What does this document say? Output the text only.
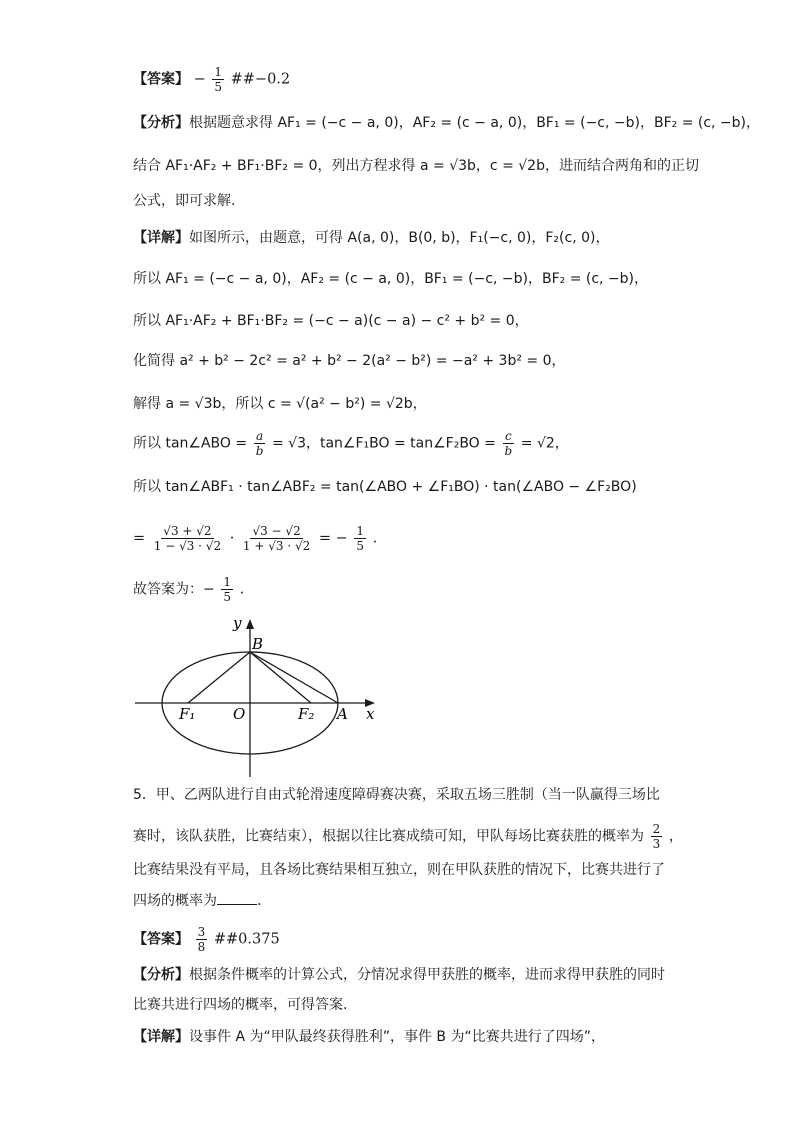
【答案】 − $\frac{1}{5}$ ##−0.2
【分析】根据题意求得 AF₁ = (−c − a, 0)，AF₂ = (c − a, 0)，BF₁ = (−c, −b)，BF₂ = (c, −b)，
结合 AF₁·AF₂ + BF₁·BF₂ = 0，列出方程求得 a = √3b，c = √2b，进而结合两角和的正切
公式，即可求解.
【详解】如图所示，由题意，可得 A(a, 0)，B(0, b)，F₁(−c, 0)，F₂(c, 0)，
所以 AF₁ = (−c − a, 0)，AF₂ = (c − a, 0)，BF₁ = (−c, −b)，BF₂ = (c, −b)，
所以 AF₁·AF₂ + BF₁·BF₂ = (−c − a)(c − a) − c² + b² = 0，
化简得 a² + b² − 2c² = a² + b² − 2(a² − b²) = −a² + 3b² = 0，
解得 a = √3b，所以 c = √(a² − b²) = √2b，
所以 tan∠ABO = $\frac{a}{b} = √3$，tan∠F₁BO = tan∠F₂BO = $\frac{c}{b} = √2$，
所以 tan∠ABF₁ · tan∠ABF₂ = tan(∠ABO + ∠F₁BO) · tan(∠ABO − ∠F₂BO)
= $\frac{√3 + √2}{1 - √3 \cdot √2} \cdot \frac{√3 - √2}{1 + √3 \cdot √2}$ = − $\frac{1}{5}$ .
故答案为：− $\frac{1}{5}$ .
y
x
B
O
F₁	F₂ A
5．甲、乙两队进行自由式轮滑速度障碍赛决赛，采取五场三胜制（当一队赢得三场比
赛时，该队获胜，比赛结束），根据以往比赛成绩可知，甲队每场比赛获胜的概率为 $\frac{2}{3}$ ，
比赛结果没有平局，且各场比赛结果相互独立，则在甲队获胜的情况下，比赛共进行了
四场的概率为	.
【答案】 $\frac{3}{8}$ ##0.375
【分析】根据条件概率的计算公式，分情况求得甲获胜的概率，进而求得甲获胜的同时
比赛共进行四场的概率，可得答案.
【详解】设事件 A 为“甲队最终获得胜利”，事件 B 为“比赛共进行了四场”，
